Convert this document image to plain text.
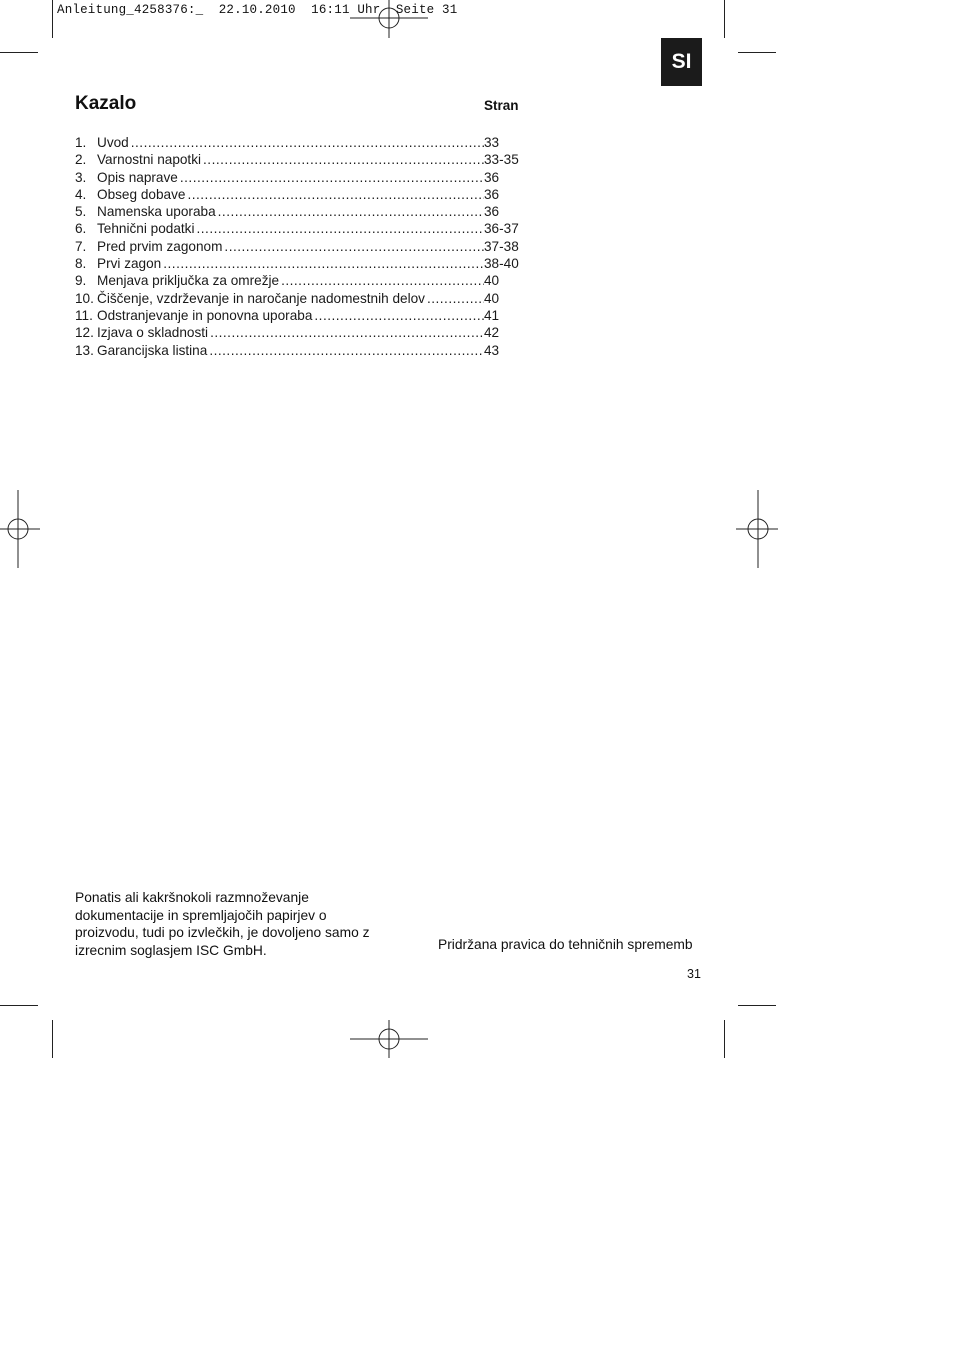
Anleitung_4258376:_  22.10.2010  16:11 Uhr  Seite 31
SI
Kazalo	Stran
1. Uvod .....	33
2. Varnostni napotki .....	33-35
3. Opis naprave .....	36
4. Obseg dobave .....	36
5. Namenska uporaba .....	36
6. Tehnični podatki .....	36-37
7. Pred prvim zagonom .....	37-38
8. Prvi zagon .....	38-40
9. Menjava priključka za omrežje .....	40
10. Čiščenje, vzdrževanje in naročanje nadomestnih delov .....	40
11. Odstranjevanje in ponovna uporaba .....	41
12. Izjava o skladnosti .....	42
13. Garancijska listina .....	43
Ponatis ali kakršnokoli razmnoževanje dokumentacije in spremljajočih papirjev o proizvodu, tudi po izvlečkih, je dovoljeno samo z izrecnim soglasjem ISC GmbH.	Pridržana pravica do tehničnih sprememb
31
